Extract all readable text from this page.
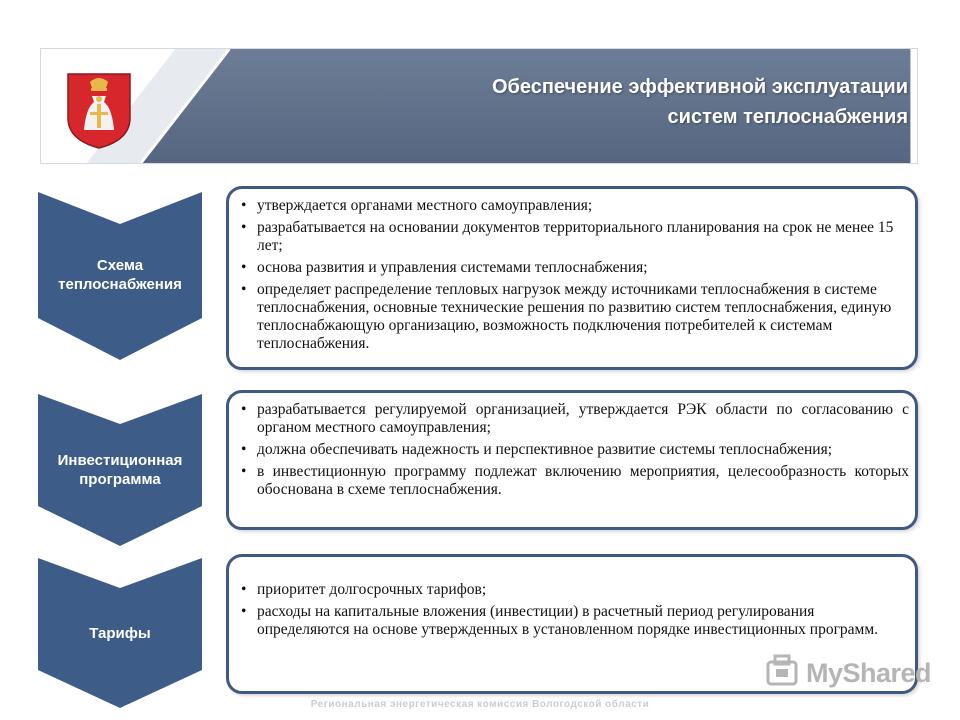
Обеспечение эффективной эксплуатации
систем теплоснабжения
Схема теплоснабжения
• утверждается органами местного самоуправления;
• разрабатывается на основании документов территориального планирования на срок не менее 15 лет;
• основа развития и управления системами теплоснабжения;
• определяет распределение тепловых нагрузок между источниками теплоснабжения в системе теплоснабжения, основные технические решения по развитию систем теплоснабжения, единую теплоснабжающую организацию, возможность подключения потребителей к системам теплоснабжения.
Инвестиционная программа
• разрабатывается регулируемой организацией, утверждается РЭК области по согласованию с органом местного самоуправления;
• должна обеспечивать надежность и перспективное развитие системы теплоснабжения;
• в инвестиционную программу подлежат включению мероприятия, целесообразность которых обоснована в схеме теплоснабжения.
Тарифы
• приоритет долгосрочных тарифов;
• расходы на капитальные вложения (инвестиции) в расчетный период регулирования определяются на основе утвержденных в установленном порядке инвестиционных программ.
MyShared
Региональная энергетическая комиссия Вологодской области
